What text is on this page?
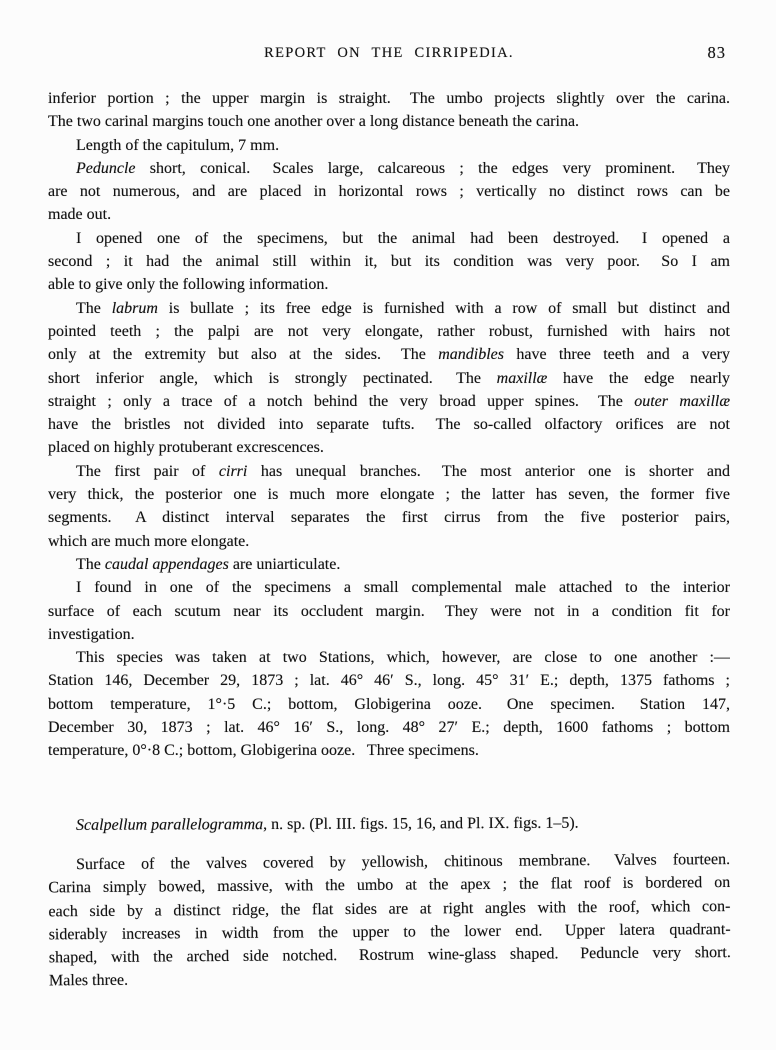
REPORT ON THE CIRRIPEDIA.	83
inferior portion ; the upper margin is straight.  The umbo projects slightly over the carina.
The two carinal margins touch one another over a long distance beneath the carina.
Length of the capitulum, 7 mm.
Peduncle short, conical.  Scales large, calcareous ; the edges very prominent.  They
are not numerous, and are placed in horizontal rows ; vertically no distinct rows can be
made out.
I opened one of the specimens, but the animal had been destroyed.  I opened a
second ; it had the animal still within it, but its condition was very poor.  So I am
able to give only the following information.
The labrum is bullate ; its free edge is furnished with a row of small but distinct and
pointed teeth ; the palpi are not very elongate, rather robust, furnished with hairs not
only at the extremity but also at the sides.  The mandibles have three teeth and a very
short inferior angle, which is strongly pectinated.  The maxillæ have the edge nearly
straight ; only a trace of a notch behind the very broad upper spines.  The outer maxillæ
have the bristles not divided into separate tufts.  The so-called olfactory orifices are not
placed on highly protuberant excrescences.
The first pair of cirri has unequal branches.  The most anterior one is shorter and
very thick, the posterior one is much more elongate ; the latter has seven, the former five
segments.  A distinct interval separates the first cirrus from the five posterior pairs,
which are much more elongate.
The caudal appendages are uniarticulate.
I found in one of the specimens a small complemental male attached to the interior
surface of each scutum near its occludent margin.  They were not in a condition fit for
investigation.
This species was taken at two Stations, which, however, are close to one another :—
Station 146, December 29, 1873 ; lat. 46° 46′ S., long. 45° 31′ E.; depth, 1375 fathoms ;
bottom temperature, 1°·5 C.; bottom, Globigerina ooze.  One specimen.  Station 147,
December 30, 1873 ; lat. 46° 16′ S., long. 48° 27′ E.; depth, 1600 fathoms ; bottom
temperature, 0°·8 C.; bottom, Globigerina ooze.  Three specimens.
Scalpellum parallelogramma, n. sp. (Pl. III. figs. 15, 16, and Pl. IX. figs. 1–5).
Surface of the valves covered by yellowish, chitinous membrane.  Valves fourteen.
Carina simply bowed, massive, with the umbo at the apex ; the flat roof is bordered on
each side by a distinct ridge, the flat sides are at right angles with the roof, which con-
siderably increases in width from the upper to the lower end.  Upper latera quadrant-
shaped, with the arched side notched.  Rostrum wine-glass shaped.  Peduncle very short.
Males three.
